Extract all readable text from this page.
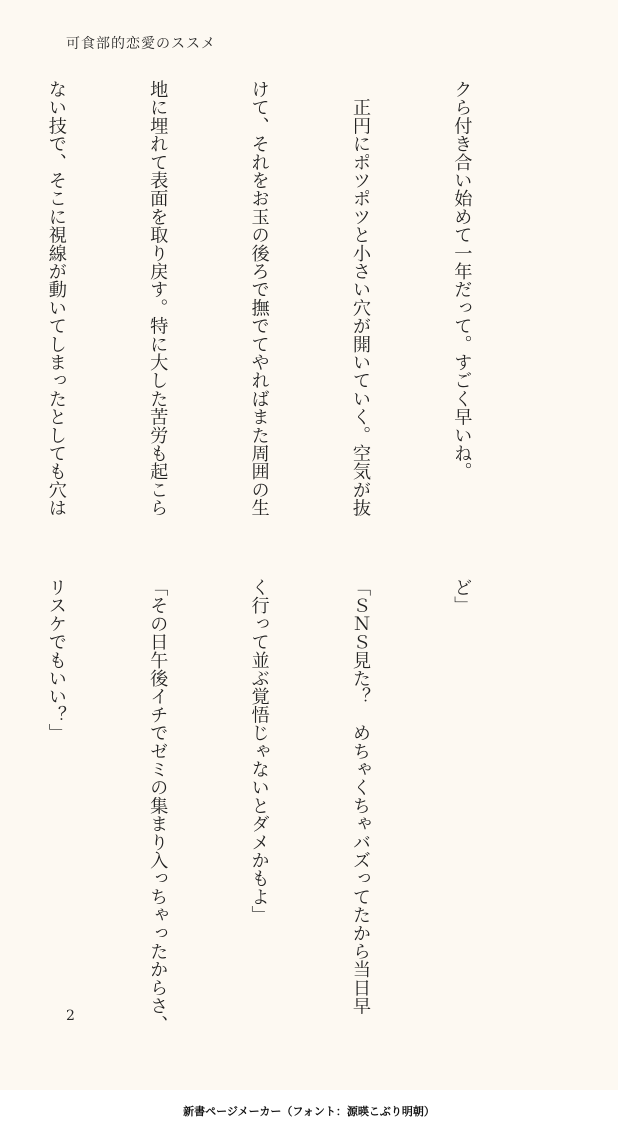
可食部的恋愛のススメ

クら付き合い始めて一年だって。すごく早いね。

　正円にポツポツと小さい穴が開いていく。空気が抜

けて、それをお玉の後ろで撫でてやればまた周囲の生

地に埋れて表面を取り戻す。特に大した苦労も起こら

ない技で、そこに視線が動いてしまったとしても穴は

ど」

「ＳＮＳ見た？　めちゃくちゃバズってたから当日早

く行って並ぶ覚悟じゃないとダメかもよ」

「その日午後イチでゼミの集まり入っちゃったからさ、

リスケでもいい？」

2
新書ページメーカー（フォント：源暎こぶり明朝）
